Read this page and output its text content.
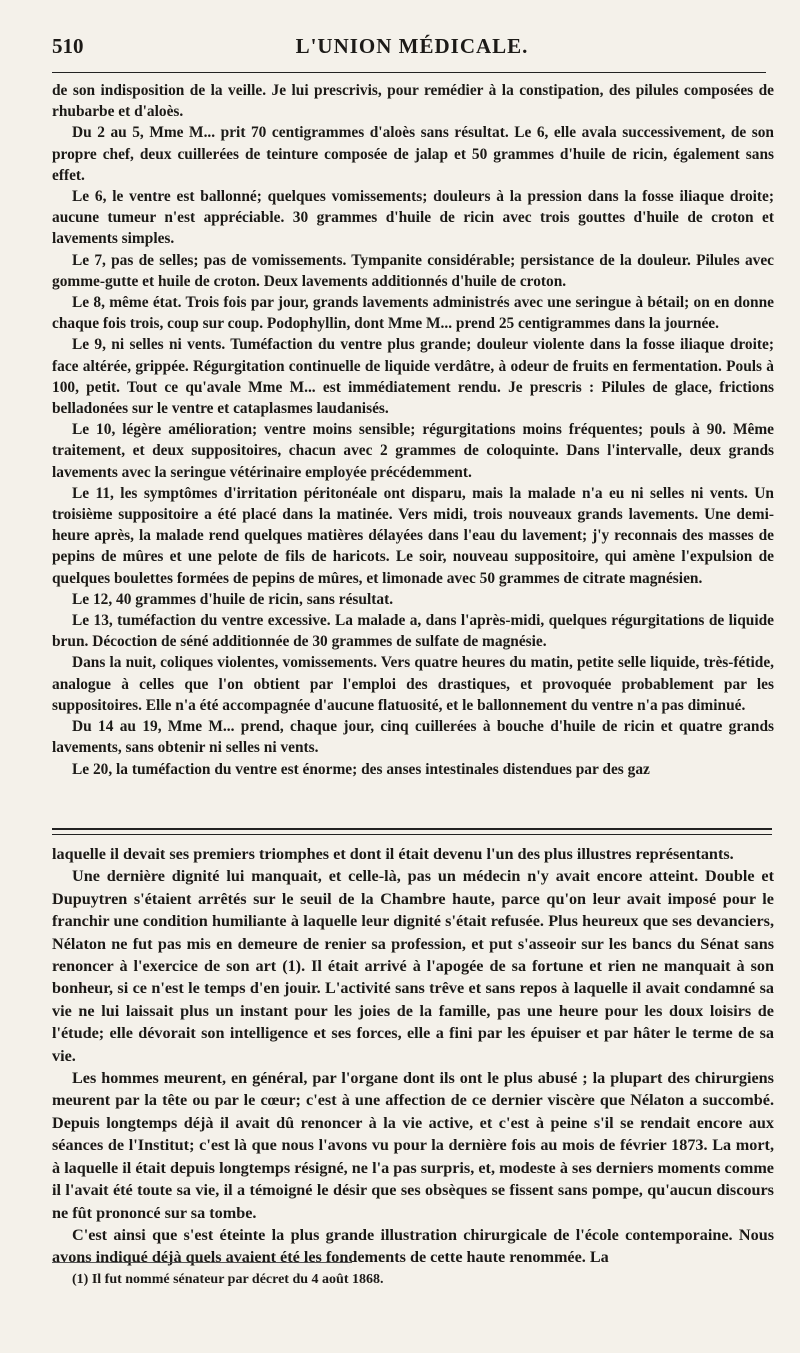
510	L'UNION MÉDICALE.

de son indisposition de la veille. Je lui prescrivis, pour remédier à la constipation, des pilules composées de rhubarbe et d'aloès.

Du 2 au 5, Mme M... prit 70 centigrammes d'aloès sans résultat. Le 6, elle avala successivement, de son propre chef, deux cuillerées de teinture composée de jalap et 50 grammes d'huile de ricin, également sans effet.

Le 6, le ventre est ballonné; quelques vomissements; douleurs à la pression dans la fosse iliaque droite; aucune tumeur n'est appréciable. 30 grammes d'huile de ricin avec trois gouttes d'huile de croton et lavements simples.

Le 7, pas de selles; pas de vomissements. Tympanite considérable; persistance de la douleur. Pilules avec gomme-gutte et huile de croton. Deux lavements additionnés d'huile de croton.

Le 8, même état. Trois fois par jour, grands lavements administrés avec une seringue à bétail; on en donne chaque fois trois, coup sur coup. Podophyllin, dont Mme M... prend 25 centigrammes dans la journée.

Le 9, ni selles ni vents. Tuméfaction du ventre plus grande; douleur violente dans la fosse iliaque droite; face altérée, grippée. Régurgitation continuelle de liquide verdâtre, à odeur de fruits en fermentation. Pouls à 100, petit. Tout ce qu'avale Mme M... est immédiatement rendu. Je prescris : Pilules de glace, frictions belladonées sur le ventre et cataplasmes laudanisés.

Le 10, légère amélioration; ventre moins sensible; régurgitations moins fréquentes; pouls à 90. Même traitement, et deux suppositoires, chacun avec 2 grammes de coloquinte. Dans l'intervalle, deux grands lavements avec la seringue vétérinaire employée précédemment.

Le 11, les symptômes d'irritation péritonéale ont disparu, mais la malade n'a eu ni selles ni vents. Un troisième suppositoire a été placé dans la matinée. Vers midi, trois nouveaux grands lavements. Une demi-heure après, la malade rend quelques matières délayées dans l'eau du lavement; j'y reconnais des masses de pepins de mûres et une pelote de fils de haricots. Le soir, nouveau suppositoire, qui amène l'expulsion de quelques boulettes formées de pepins de mûres, et limonade avec 50 grammes de citrate magnésien.

Le 12, 40 grammes d'huile de ricin, sans résultat.

Le 13, tuméfaction du ventre excessive. La malade a, dans l'après-midi, quelques régurgitations de liquide brun. Décoction de séné additionnée de 30 grammes de sulfate de magnésie.

Dans la nuit, coliques violentes, vomissements. Vers quatre heures du matin, petite selle liquide, très-fétide, analogue à celles que l'on obtient par l'emploi des drastiques, et provoquée probablement par les suppositoires. Elle n'a été accompagnée d'aucune flatuosité, et le ballonnement du ventre n'a pas diminué.

Du 14 au 19, Mme M... prend, chaque jour, cinq cuillerées à bouche d'huile de ricin et quatre grands lavements, sans obtenir ni selles ni vents.

Le 20, la tuméfaction du ventre est énorme; des anses intestinales distendues par des gaz

laquelle il devait ses premiers triomphes et dont il était devenu l'un des plus illustres représentants.

Une dernière dignité lui manquait, et celle-là, pas un médecin n'y avait encore atteint. Double et Dupuytren s'étaient arrêtés sur le seuil de la Chambre haute, parce qu'on leur avait imposé pour le franchir une condition humiliante à laquelle leur dignité s'était refusée. Plus heureux que ses devanciers, Nélaton ne fut pas mis en demeure de renier sa profession, et put s'asseoir sur les bancs du Sénat sans renoncer à l'exercice de son art (1). Il était arrivé à l'apogée de sa fortune et rien ne manquait à son bonheur, si ce n'est le temps d'en jouir. L'activité sans trêve et sans repos à laquelle il avait condamné sa vie ne lui laissait plus un instant pour les joies de la famille, pas une heure pour les doux loisirs de l'étude; elle dévorait son intelligence et ses forces, elle a fini par les épuiser et par hâter le terme de sa vie.

Les hommes meurent, en général, par l'organe dont ils ont le plus abusé ; la plupart des chirurgiens meurent par la tête ou par le cœur; c'est à une affection de ce dernier viscère que Nélaton a succombé. Depuis longtemps déjà il avait dû renoncer à la vie active, et c'est à peine s'il se rendait encore aux séances de l'Institut; c'est là que nous l'avons vu pour la dernière fois au mois de février 1873. La mort, à laquelle il était depuis longtemps résigné, ne l'a pas surpris, et, modeste à ses derniers moments comme il l'avait été toute sa vie, il a témoigné le désir que ses obsèques se fissent sans pompe, qu'aucun discours ne fût prononcé sur sa tombe.

C'est ainsi que s'est éteinte la plus grande illustration chirurgicale de l'école contemporaine. Nous avons indiqué déjà quels avaient été les fondements de cette haute renommée. La

(1) Il fut nommé sénateur par décret du 4 août 1868.
